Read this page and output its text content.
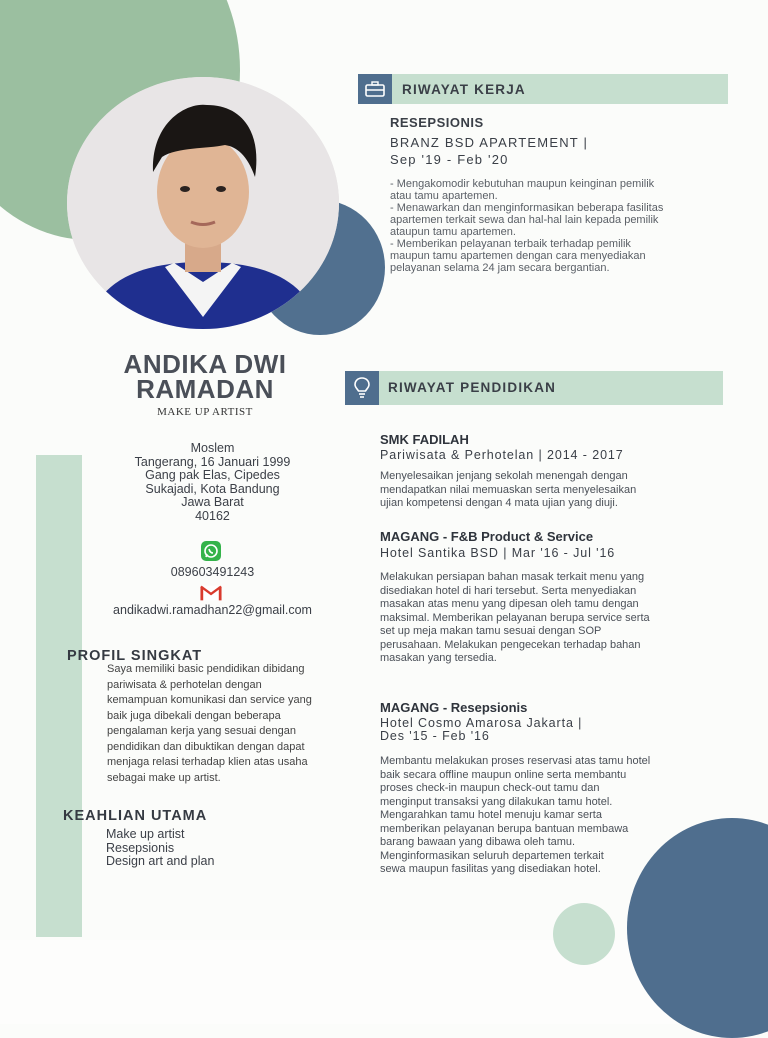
ANDIKA DWI
RAMADAN
MAKE UP ARTIST
Moslem
Tangerang, 16 Januari 1999
Gang pak Elas, Cipedes
Sukajadi, Kota Bandung
Jawa Barat
40162
089603491243
andikadwi.ramadhan22@gmail.com
PROFIL SINGKAT
Saya memiliki basic pendidikan dibidang
pariwisata & perhotelan dengan
kemampuan komunikasi dan service yang
baik juga dibekali dengan beberapa
pengalaman kerja yang sesuai dengan
pendidikan dan dibuktikan dengan dapat
menjaga relasi terhadap klien atas usaha
sebagai make up artist.
KEAHLIAN UTAMA
Make up artist
Resepsionis
Design art and plan
RIWAYAT KERJA
RESEPSIONIS
BRANZ BSD APARTEMENT |
Sep '19 - Feb '20
- Mengakomodir kebutuhan maupun keinginan pemilik
atau tamu apartemen.
- Menawarkan dan menginformasikan beberapa fasilitas
apartemen terkait sewa dan hal-hal lain kepada pemilik
ataupun tamu apartemen.
- Memberikan pelayanan terbaik terhadap pemilik
maupun tamu apartemen dengan cara menyediakan
pelayanan selama 24 jam secara bergantian.
RIWAYAT PENDIDIKAN
SMK FADILAH
Pariwisata & Perhotelan | 2014 - 2017
Menyelesaikan jenjang sekolah menengah dengan
mendapatkan nilai memuaskan serta menyelesaikan
ujian kompetensi dengan 4 mata ujian yang diuji.
MAGANG - F&B Product & Service
Hotel Santika BSD | Mar '16 - Jul '16
Melakukan persiapan bahan masak terkait menu yang
disediakan hotel di hari tersebut. Serta menyediakan
masakan atas menu yang dipesan oleh tamu dengan
maksimal. Memberikan pelayanan berupa service serta
set up meja makan tamu sesuai dengan SOP
perusahaan. Melakukan pengecekan terhadap bahan
masakan yang tersedia.
MAGANG - Resepsionis
Hotel Cosmo Amarosa Jakarta |
Des '15 - Feb '16
Membantu melakukan proses reservasi atas tamu hotel
baik secara offline maupun online serta membantu
proses check-in maupun check-out tamu dan
menginput transaksi yang dilakukan tamu hotel.
Mengarahkan tamu hotel menuju kamar serta
memberikan pelayanan berupa bantuan membawa
barang bawaan yang dibawa oleh tamu.
Menginformasikan seluruh departemen terkait
sewa maupun fasilitas yang disediakan hotel.
